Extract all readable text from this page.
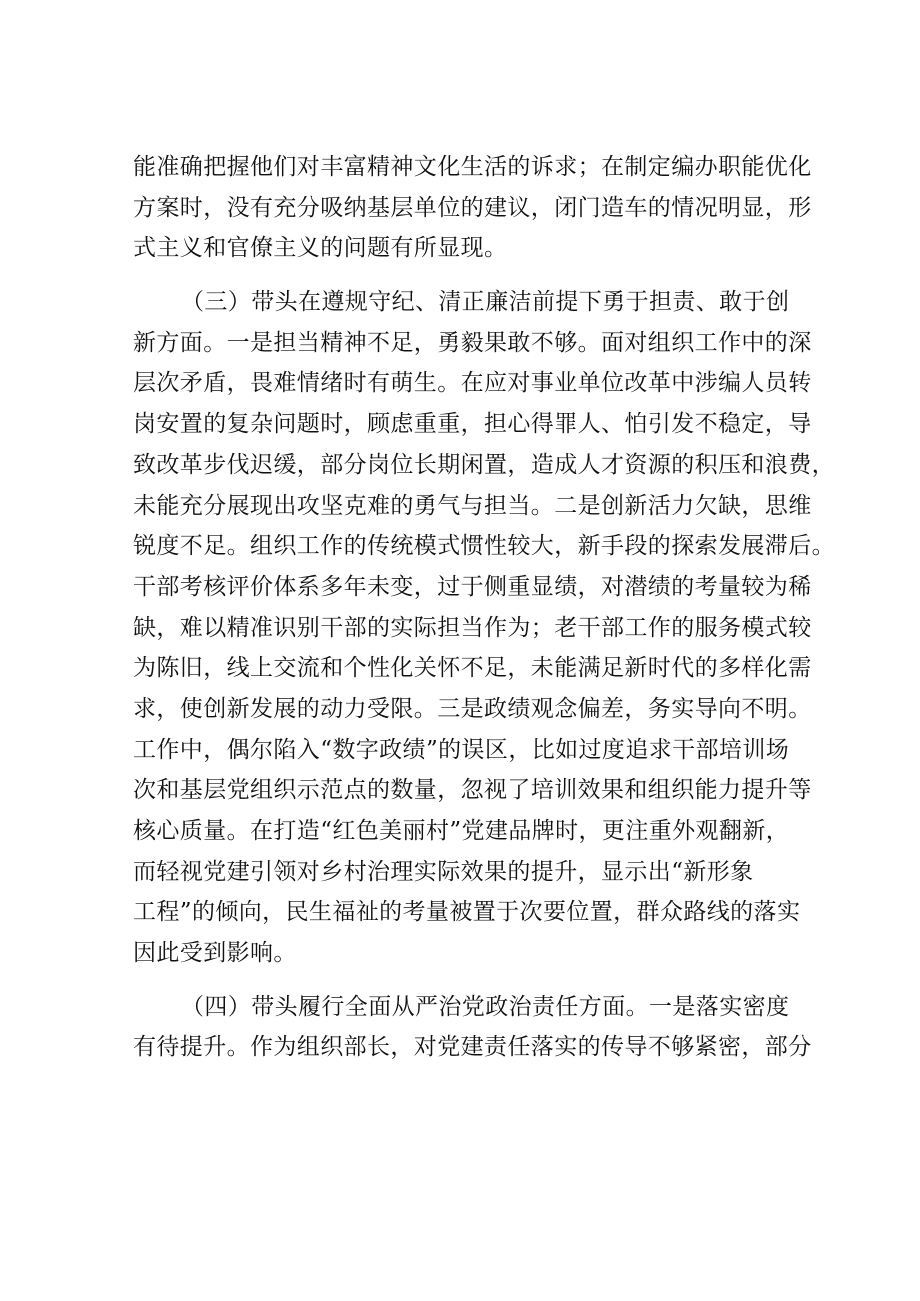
能准确把握他们对丰富精神文化生活的诉求；在制定编办职能优化
方案时，没有充分吸纳基层单位的建议，闭门造车的情况明显，形
式主义和官僚主义的问题有所显现。
（三）带头在遵规守纪、清正廉洁前提下勇于担责、敢于创
新方面。一是担当精神不足，勇毅果敢不够。面对组织工作中的深
层次矛盾，畏难情绪时有萌生。在应对事业单位改革中涉编人员转
岗安置的复杂问题时，顾虑重重，担心得罪人、怕引发不稳定，导
致改革步伐迟缓，部分岗位长期闲置，造成人才资源的积压和浪费，
未能充分展现出攻坚克难的勇气与担当。二是创新活力欠缺，思维
锐度不足。组织工作的传统模式惯性较大，新手段的探索发展滞后。
干部考核评价体系多年未变，过于侧重显绩，对潜绩的考量较为稀
缺，难以精准识别干部的实际担当作为；老干部工作的服务模式较
为陈旧，线上交流和个性化关怀不足，未能满足新时代的多样化需
求，使创新发展的动力受限。三是政绩观念偏差，务实导向不明。
工作中，偶尔陷入“数字政绩”的误区，比如过度追求干部培训场
次和基层党组织示范点的数量，忽视了培训效果和组织能力提升等
核心质量。在打造“红色美丽村”党建品牌时，更注重外观翻新，
而轻视党建引领对乡村治理实际效果的提升，显示出“新形象
工程”的倾向，民生福祉的考量被置于次要位置，群众路线的落实
因此受到影响。
（四）带头履行全面从严治党政治责任方面。一是落实密度
有待提升。作为组织部长，对党建责任落实的传导不够紧密，部分
